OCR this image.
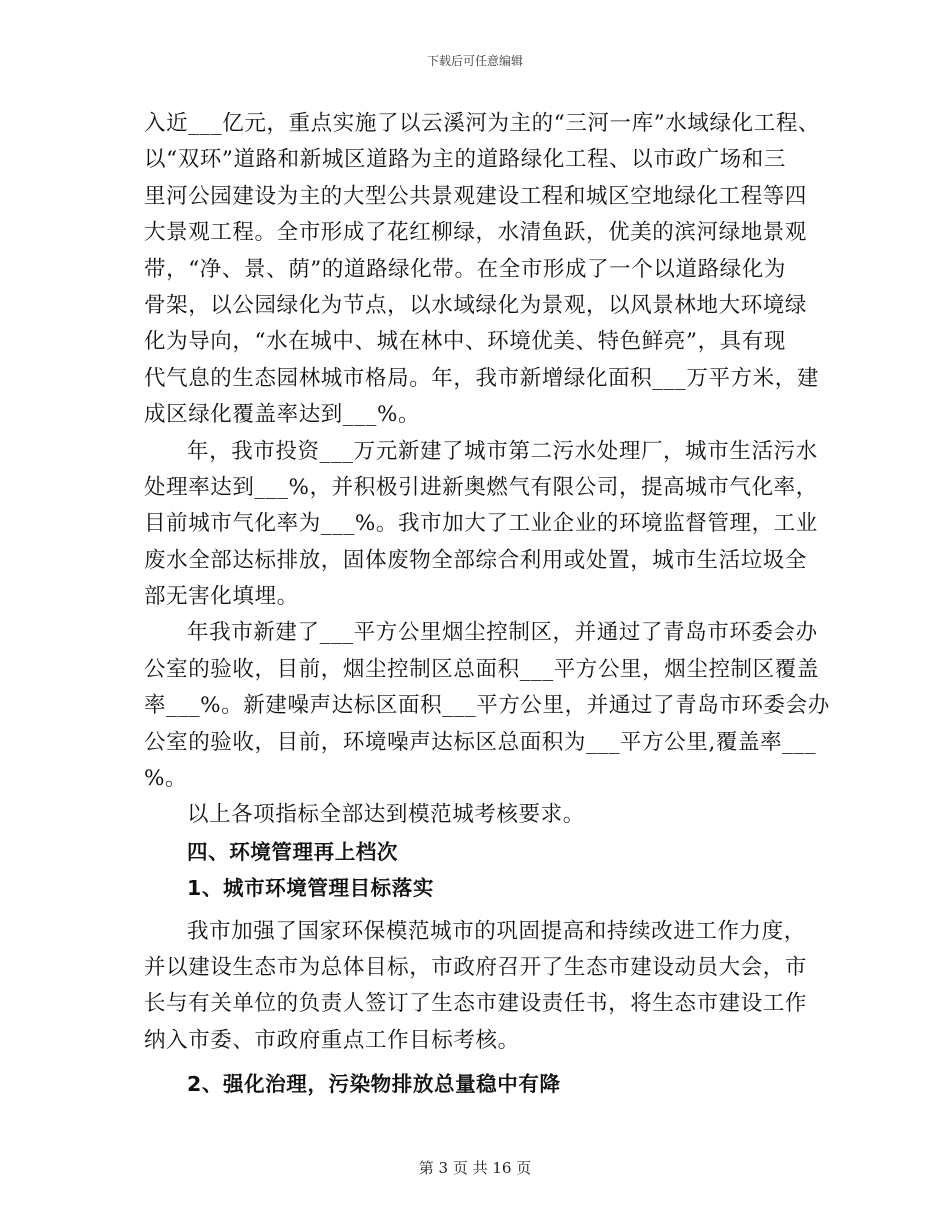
下载后可任意编辑
入近___亿元，重点实施了以云溪河为主的“三河一库”水域绿化工程、
以“双环”道路和新城区道路为主的道路绿化工程、以市政广场和三
里河公园建设为主的大型公共景观建设工程和城区空地绿化工程等四
大景观工程。全市形成了花红柳绿，水清鱼跃，优美的滨河绿地景观
带，“净、景、荫”的道路绿化带。在全市形成了一个以道路绿化为
骨架，以公园绿化为节点，以水域绿化为景观，以风景林地大环境绿
化为导向，“水在城中、城在林中、环境优美、特色鲜亮”，具有现
代气息的生态园林城市格局。年，我市新增绿化面积___万平方米，建
成区绿化覆盖率达到___%。
年，我市投资___万元新建了城市第二污水处理厂，城市生活污水
处理率达到___%，并积极引进新奥燃气有限公司，提高城市气化率，
目前城市气化率为___%。我市加大了工业企业的环境监督管理，工业
废水全部达标排放，固体废物全部综合利用或处置，城市生活垃圾全
部无害化填埋。
年我市新建了___平方公里烟尘控制区，并通过了青岛市环委会办
公室的验收，目前，烟尘控制区总面积___平方公里，烟尘控制区覆盖
率___%。新建噪声达标区面积___平方公里，并通过了青岛市环委会办
公室的验收，目前，环境噪声达标区总面积为___平方公里,覆盖率___
%。
以上各项指标全部达到模范城考核要求。
四、环境管理再上档次
1、城市环境管理目标落实
我市加强了国家环保模范城市的巩固提高和持续改进工作力度，
并以建设生态市为总体目标，市政府召开了生态市建设动员大会，市
长与有关单位的负责人签订了生态市建设责任书，将生态市建设工作
纳入市委、市政府重点工作目标考核。
2、强化治理，污染物排放总量稳中有降
第 3 页 共 16 页
